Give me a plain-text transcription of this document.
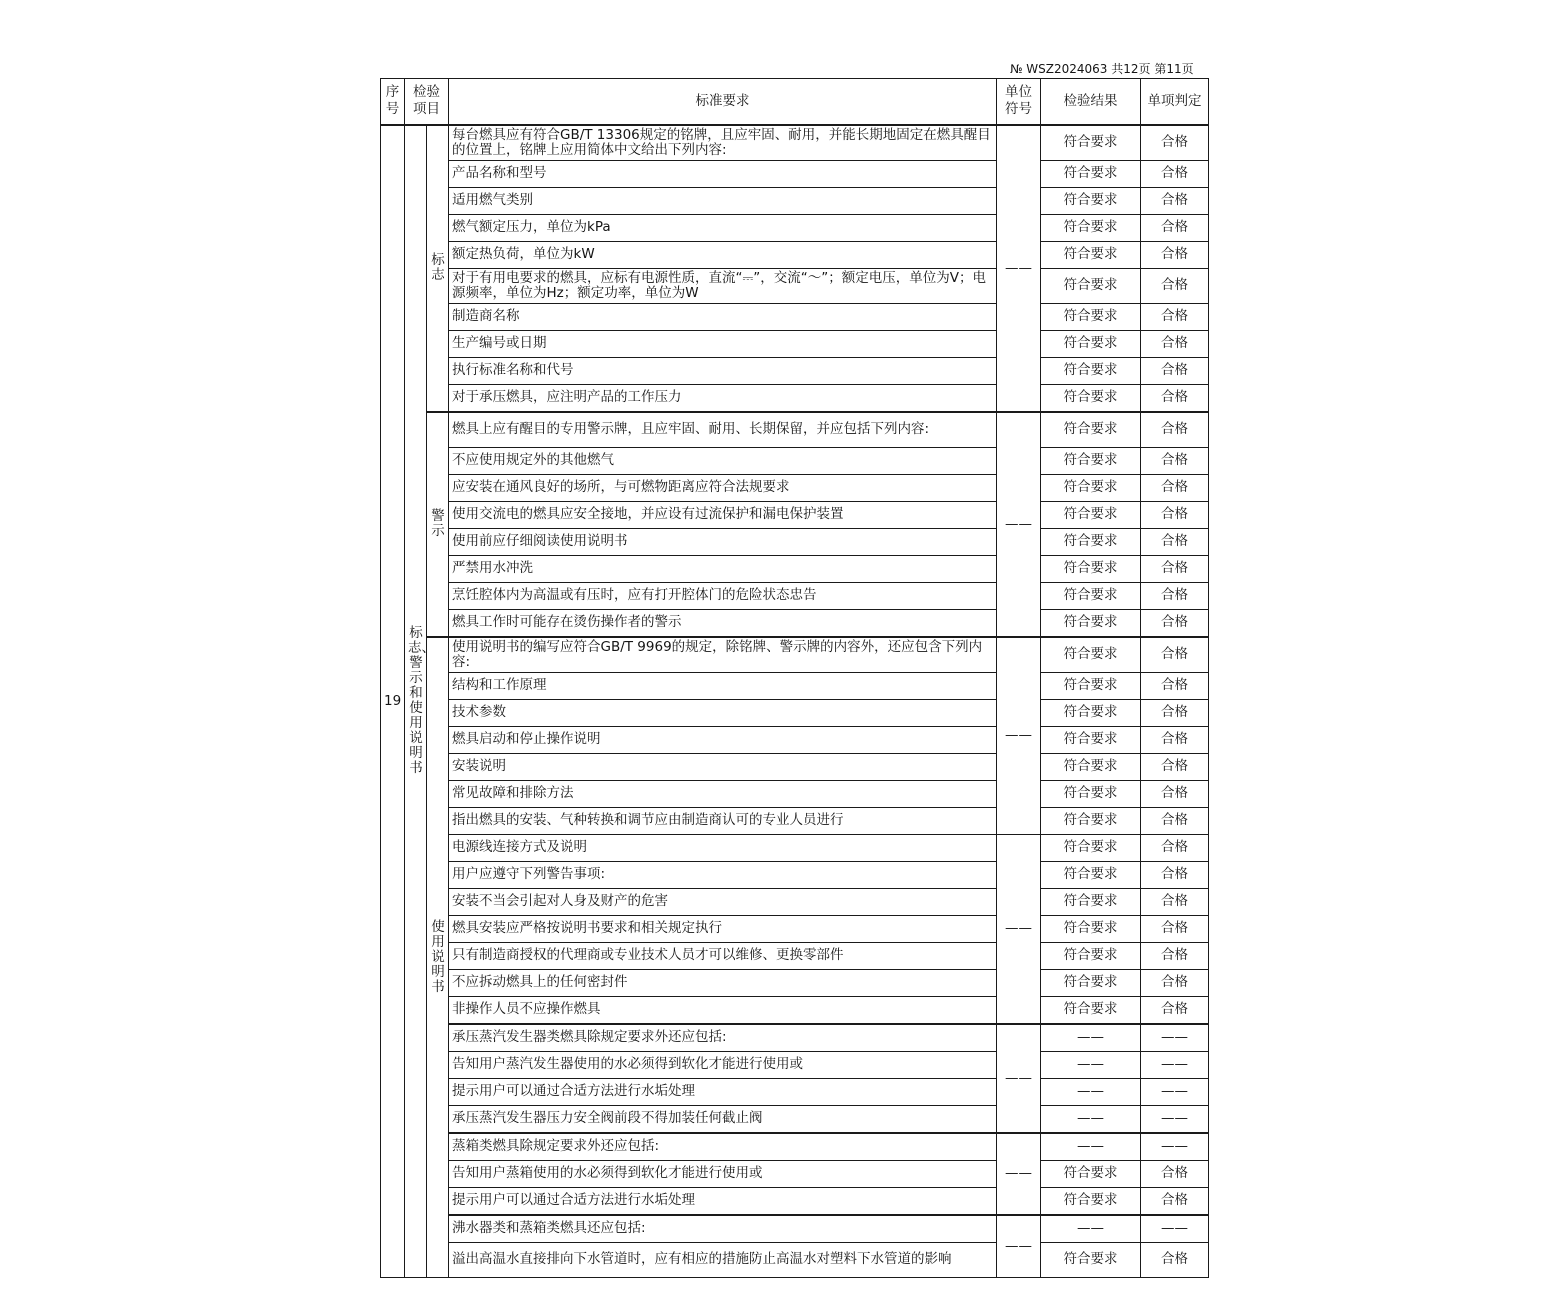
№ WSZ2024063 共12页 第11页
序号	检验项目		标准要求	单位符号	检验结果	单项判定
19	标志、警示和使用说明书	标志	每台燃具应有符合GB/T 13306规定的铭牌，且应牢固、耐用，并能长期地固定在燃具醒目的位置上，铭牌上应用简体中文给出下列内容:	——	符合要求	合格
			产品名称和型号		符合要求	合格
			适用燃气类别		符合要求	合格
			燃气额定压力，单位为kPa		符合要求	合格
			额定热负荷，单位为kW		符合要求	合格
			对于有用电要求的燃具，应标有电源性质，直流“⎓”，交流“～”；额定电压，单位为V；电源频率，单位为Hz；额定功率，单位为W		符合要求	合格
			制造商名称		符合要求	合格
			生产编号或日期		符合要求	合格
			执行标准名称和代号		符合要求	合格
			对于承压燃具，应注明产品的工作压力		符合要求	合格
		警示	燃具上应有醒目的专用警示牌，且应牢固、耐用、长期保留，并应包括下列内容:	——	符合要求	合格
			不应使用规定外的其他燃气		符合要求	合格
			应安装在通风良好的场所，与可燃物距离应符合法规要求		符合要求	合格
			使用交流电的燃具应安全接地，并应设有过流保护和漏电保护装置		符合要求	合格
			使用前应仔细阅读使用说明书		符合要求	合格
			严禁用水冲洗		符合要求	合格
			烹饪腔体内为高温或有压时，应有打开腔体门的危险状态忠告		符合要求	合格
			燃具工作时可能存在烫伤操作者的警示		符合要求	合格
		使用说明书	使用说明书的编写应符合GB/T 9969的规定，除铭牌、警示牌的内容外，还应包含下列内容:	——	符合要求	合格
			结构和工作原理		符合要求	合格
			技术参数		符合要求	合格
			燃具启动和停止操作说明		符合要求	合格
			安装说明		符合要求	合格
			常见故障和排除方法		符合要求	合格
			指出燃具的安装、气种转换和调节应由制造商认可的专业人员进行		符合要求	合格
			电源线连接方式及说明	——	符合要求	合格
			用户应遵守下列警告事项:		符合要求	合格
			安装不当会引起对人身及财产的危害		符合要求	合格
			燃具安装应严格按说明书要求和相关规定执行		符合要求	合格
			只有制造商授权的代理商或专业技术人员才可以维修、更换零部件		符合要求	合格
			不应拆动燃具上的任何密封件		符合要求	合格
			非操作人员不应操作燃具		符合要求	合格
			承压蒸汽发生器类燃具除规定要求外还应包括:	——	——	——
			告知用户蒸汽发生器使用的水必须得到软化才能进行使用或		——	——
			提示用户可以通过合适方法进行水垢处理		——	——
			承压蒸汽发生器压力安全阀前段不得加装任何截止阀		——	——
			蒸箱类燃具除规定要求外还应包括:	——	——	——
			告知用户蒸箱使用的水必须得到软化才能进行使用或		符合要求	合格
			提示用户可以通过合适方法进行水垢处理		符合要求	合格
			沸水器类和蒸箱类燃具还应包括:	——	——	——
			溢出高温水直接排向下水管道时，应有相应的措施防止高温水对塑料下水管道的影响		符合要求	合格
